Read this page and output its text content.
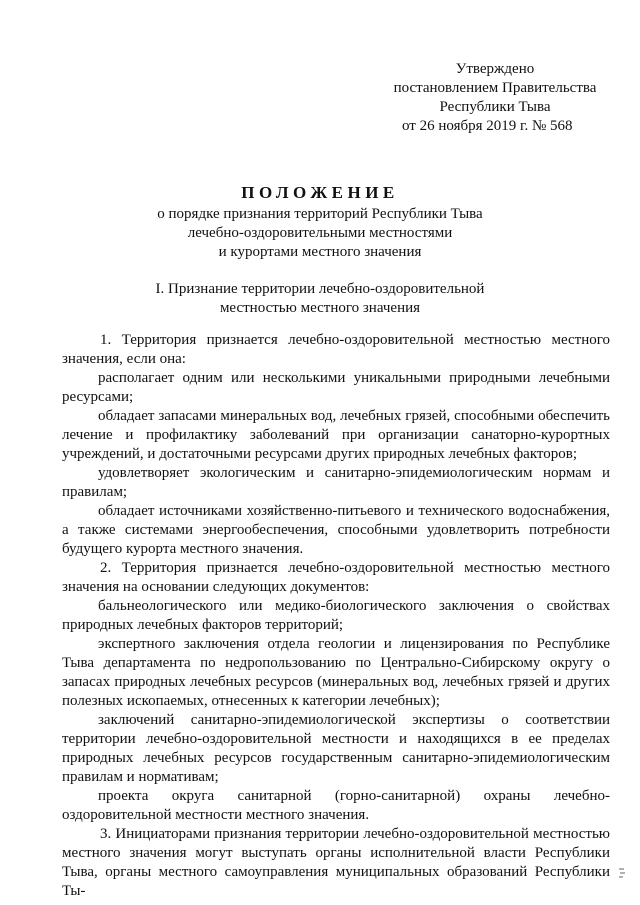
Утверждено
постановлением Правительства
Республики Тыва
от 26 ноября 2019 г. № 568
ПОЛОЖЕНИЕ
о порядке признания территорий Республики Тыва
лечебно-оздоровительными местностями
и курортами местного значения
I. Признание территории лечебно-оздоровительной
местностью местного значения

1. Территория признается лечебно-оздоровительной местностью местного значения, если она:

располагает одним или несколькими уникальными природными лечебными ресурсами;

обладает запасами минеральных вод, лечебных грязей, способными обеспечить лечение и профилактику заболеваний при организации санаторно-курортных учреждений, и достаточными ресурсами других природных лечебных факторов;

удовлетворяет экологическим и санитарно-эпидемиологическим нормам и правилам;

обладает источниками хозяйственно-питьевого и технического водоснабжения, а также системами энергообеспечения, способными удовлетворить потребности будущего курорта местного значения.

2. Территория признается лечебно-оздоровительной местностью местного значения на основании следующих документов:

бальнеологического или медико-биологического заключения о свойствах природных лечебных факторов территорий;

экспертного заключения отдела геологии и лицензирования по Республике Тыва департамента по недропользованию по Центрально-Сибирскому округу о запасах природных лечебных ресурсов (минеральных вод, лечебных грязей и других полезных ископаемых, отнесенных к категории лечебных);

заключений санитарно-эпидемиологической экспертизы о соответствии территории лечебно-оздоровительной местности и находящихся в ее пределах природных лечебных ресурсов государственным санитарно-эпидемиологическим правилам и нормативам;

проекта округа санитарной (горно-санитарной) охраны лечебно-оздоровительной местности местного значения.

3. Инициаторами признания территории лечебно-оздоровительной местностью местного значения могут выступать органы исполнительной власти Республики Тыва, органы местного самоуправления муниципальных образований Республики Ты-
